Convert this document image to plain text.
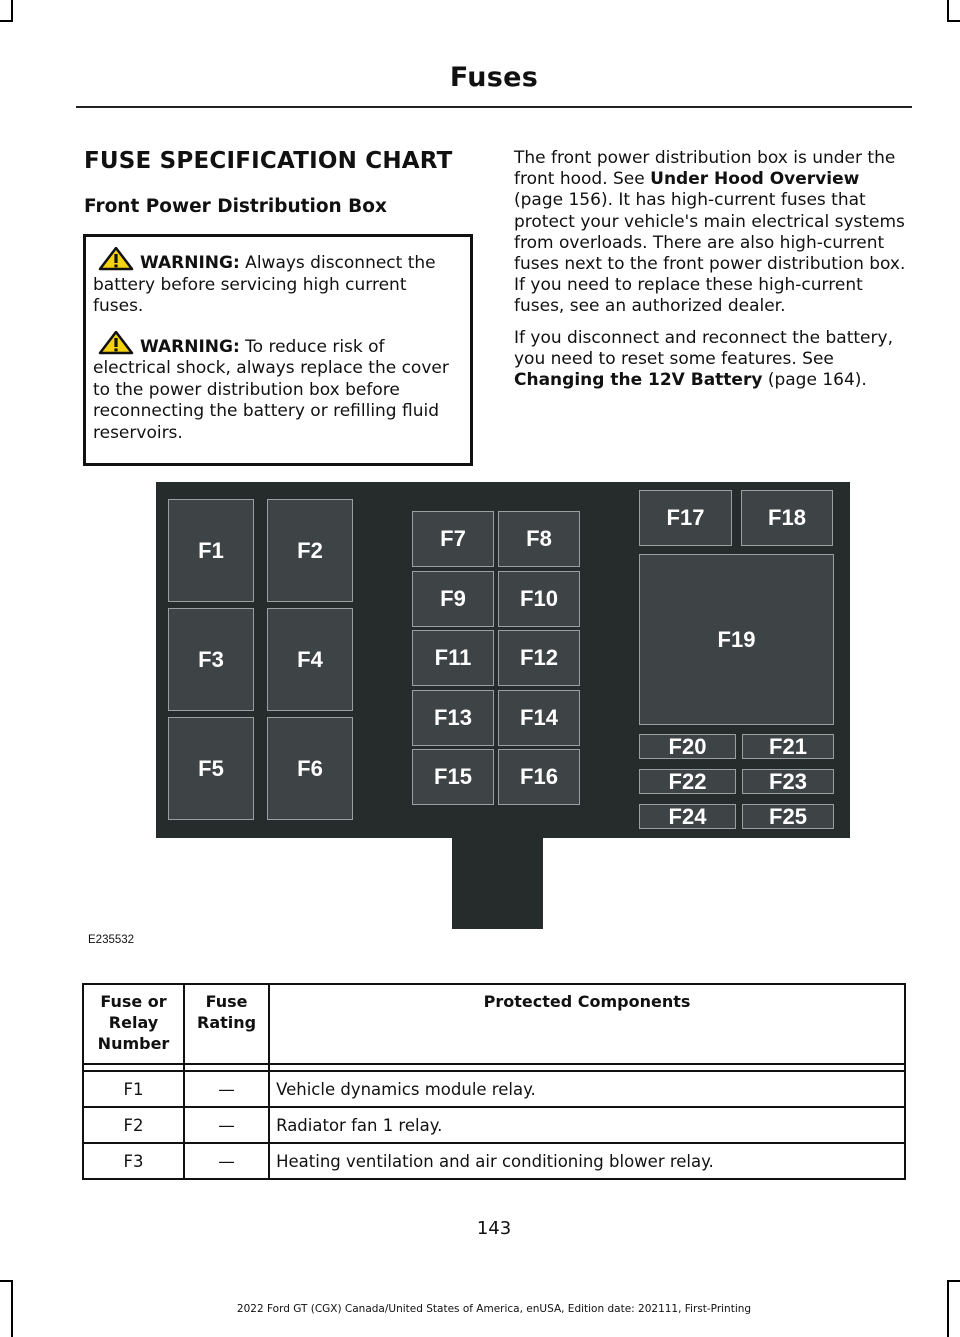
Fuses
FUSE SPECIFICATION CHART
Front Power Distribution Box
WARNING: Always disconnect the battery before servicing high current fuses.
WARNING: To reduce risk of electrical shock, always replace the cover to the power distribution box before reconnecting the battery or refilling fluid reservoirs.

The front power distribution box is under the front hood. See Under Hood Overview (page 156). It has high-current fuses that protect your vehicle's main electrical systems from overloads. There are also high-current fuses next to the front power distribution box. If you need to replace these high-current fuses, see an authorized dealer.

If you disconnect and reconnect the battery, you need to reset some features. See Changing the 12V Battery (page 164).

F1	F2
F3	F4
F5	F6
F7	F8
F9	F10
F11	F12
F13	F14
F15	F16
F17	F18
F19
F20	F21
F22	F23
F24	F25
E235532
Fuse or Relay Number	Fuse Rating	Protected Components

F1	—	Vehicle dynamics module relay.
F2	—	Radiator fan 1 relay.
F3	—	Heating ventilation and air conditioning blower relay.
143
2022 Ford GT (CGX) Canada/United States of America, enUSA, Edition date: 202111, First-Printing
